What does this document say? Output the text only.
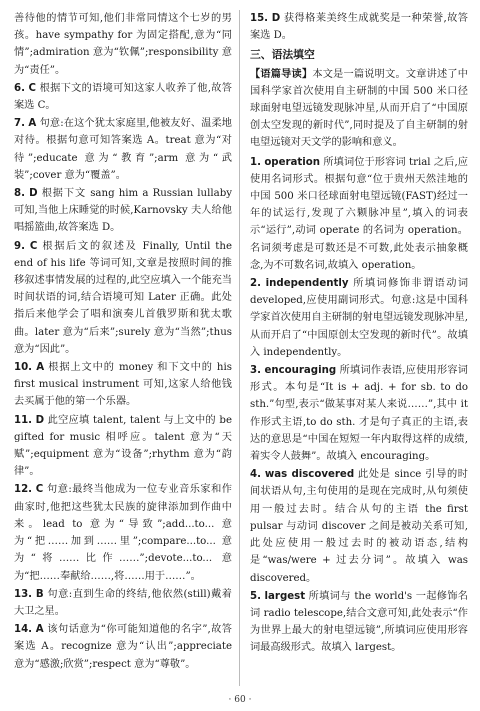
善待他的情节可知,他们非常同情这个七岁的男孩。have sympathy for 为固定搭配,意为“同情”;admiration 意为“钦佩”;responsibility 意为“责任”。

6. C 根据下文的语境可知这家人收养了他,故答案选 C。

7. A 句意:在这个犹太家庭里,他被友好、温柔地对待。根据句意可知答案选 A。treat 意为“对待”;educate 意为“教育”;arm 意为“武装”;cover 意为“覆盖”。

8. D 根据下文 sang him a Russian lullaby 可知,当他上床睡觉的时候,Karnovsky 夫人给他唱摇篮曲,故答案选 D。

9. C 根据后文的叙述及 Finally, Until the end of his life 等词可知,文章是按照时间的推移叙述事情发展的过程的,此空应填入一个能充当时间状语的词,结合语境可知 Later 正确。此处指后来他学会了唱和演奏儿首俄罗斯和犹太歌曲。later 意为“后来”;surely 意为“当然”;thus 意为“因此”。

10. A 根据上文中的 money 和下文中的 his first musical instrument 可知,这家人给他钱去买属于他的第一个乐器。

11. D 此空应填 talent, talent 与上文中的 be gifted for music 相呼应。talent 意为“天赋”;equipment 意为“设备”;rhythm 意为“韵律”。

12. C 句意:最终当他成为一位专业音乐家和作曲家时,他把这些犹太民族的旋律添加到作曲中来。lead to 意为“导致”;add...to... 意为“把……加到……里”;compare...to... 意为“将……比作……”;devote...to... 意为“把……奉献给……,将……用于……”。

13. B 句意:直到生命的终结,他依然(still)戴着大卫之星。

14. A 该句话意为“你可能知道他的名字”,故答案选 A。recognize 意为“认出”;appreciate 意为“感激;欣赏”;respect 意为“尊敬”。

15. D 获得格莱美终生成就奖是一种荣誉,故答案选 D。

三、语法填空

【语篇导读】本文是一篇说明文。文章讲述了中国科学家首次使用自主研制的中国 500 米口径球面射电望远镜发现脉冲星,从而开启了“中国原创太空发现的新时代”,同时提及了自主研制的射电望远镜对天文学的影响和意义。

1. operation 所填词位于形容词 trial 之后,应使用名词形式。根据句意“位于贵州天然洼地的中国 500 米口径球面射电望远镜(FAST)经过一年的试运行,发现了六颗脉冲星”,填入的词表示“运行”,动词 operate 的名词为 operation。名词须考虑是可数还是不可数,此处表示抽象概念,为不可数名词,故填入 operation。

2. independently 所填词修饰非谓语动词 developed,应使用副词形式。句意:这是中国科学家首次使用自主研制的射电望远镜发现脉冲星,从而开启了“中国原创太空发现的新时代”。故填入 independently。

3. encouraging 所填词作表语,应使用形容词形式。本句是“It is + adj. + for sb. to do sth.”句型,表示“做某事对某人来说……”,其中 it 作形式主语,to do sth. 才是句子真正的主语,表达的意思是“中国在短短一年内取得这样的成绩,着实令人鼓舞”。故填入 encouraging。

4. was discovered 此处是 since 引导的时间状语从句,主句使用的是现在完成时,从句须使用一般过去时。结合从句的主语 the first pulsar 与动词 discover 之间是被动关系可知,此处应使用一般过去时的被动语态,结构是“was/were + 过去分词”。故填入 was discovered。

5. largest 所填词与 the world's 一起修饰名词 radio telescope,结合文意可知,此处表示“作为世界上最大的射电望远镜”,所填词应使用形容词最高级形式。故填入 largest。

· 60 ·
